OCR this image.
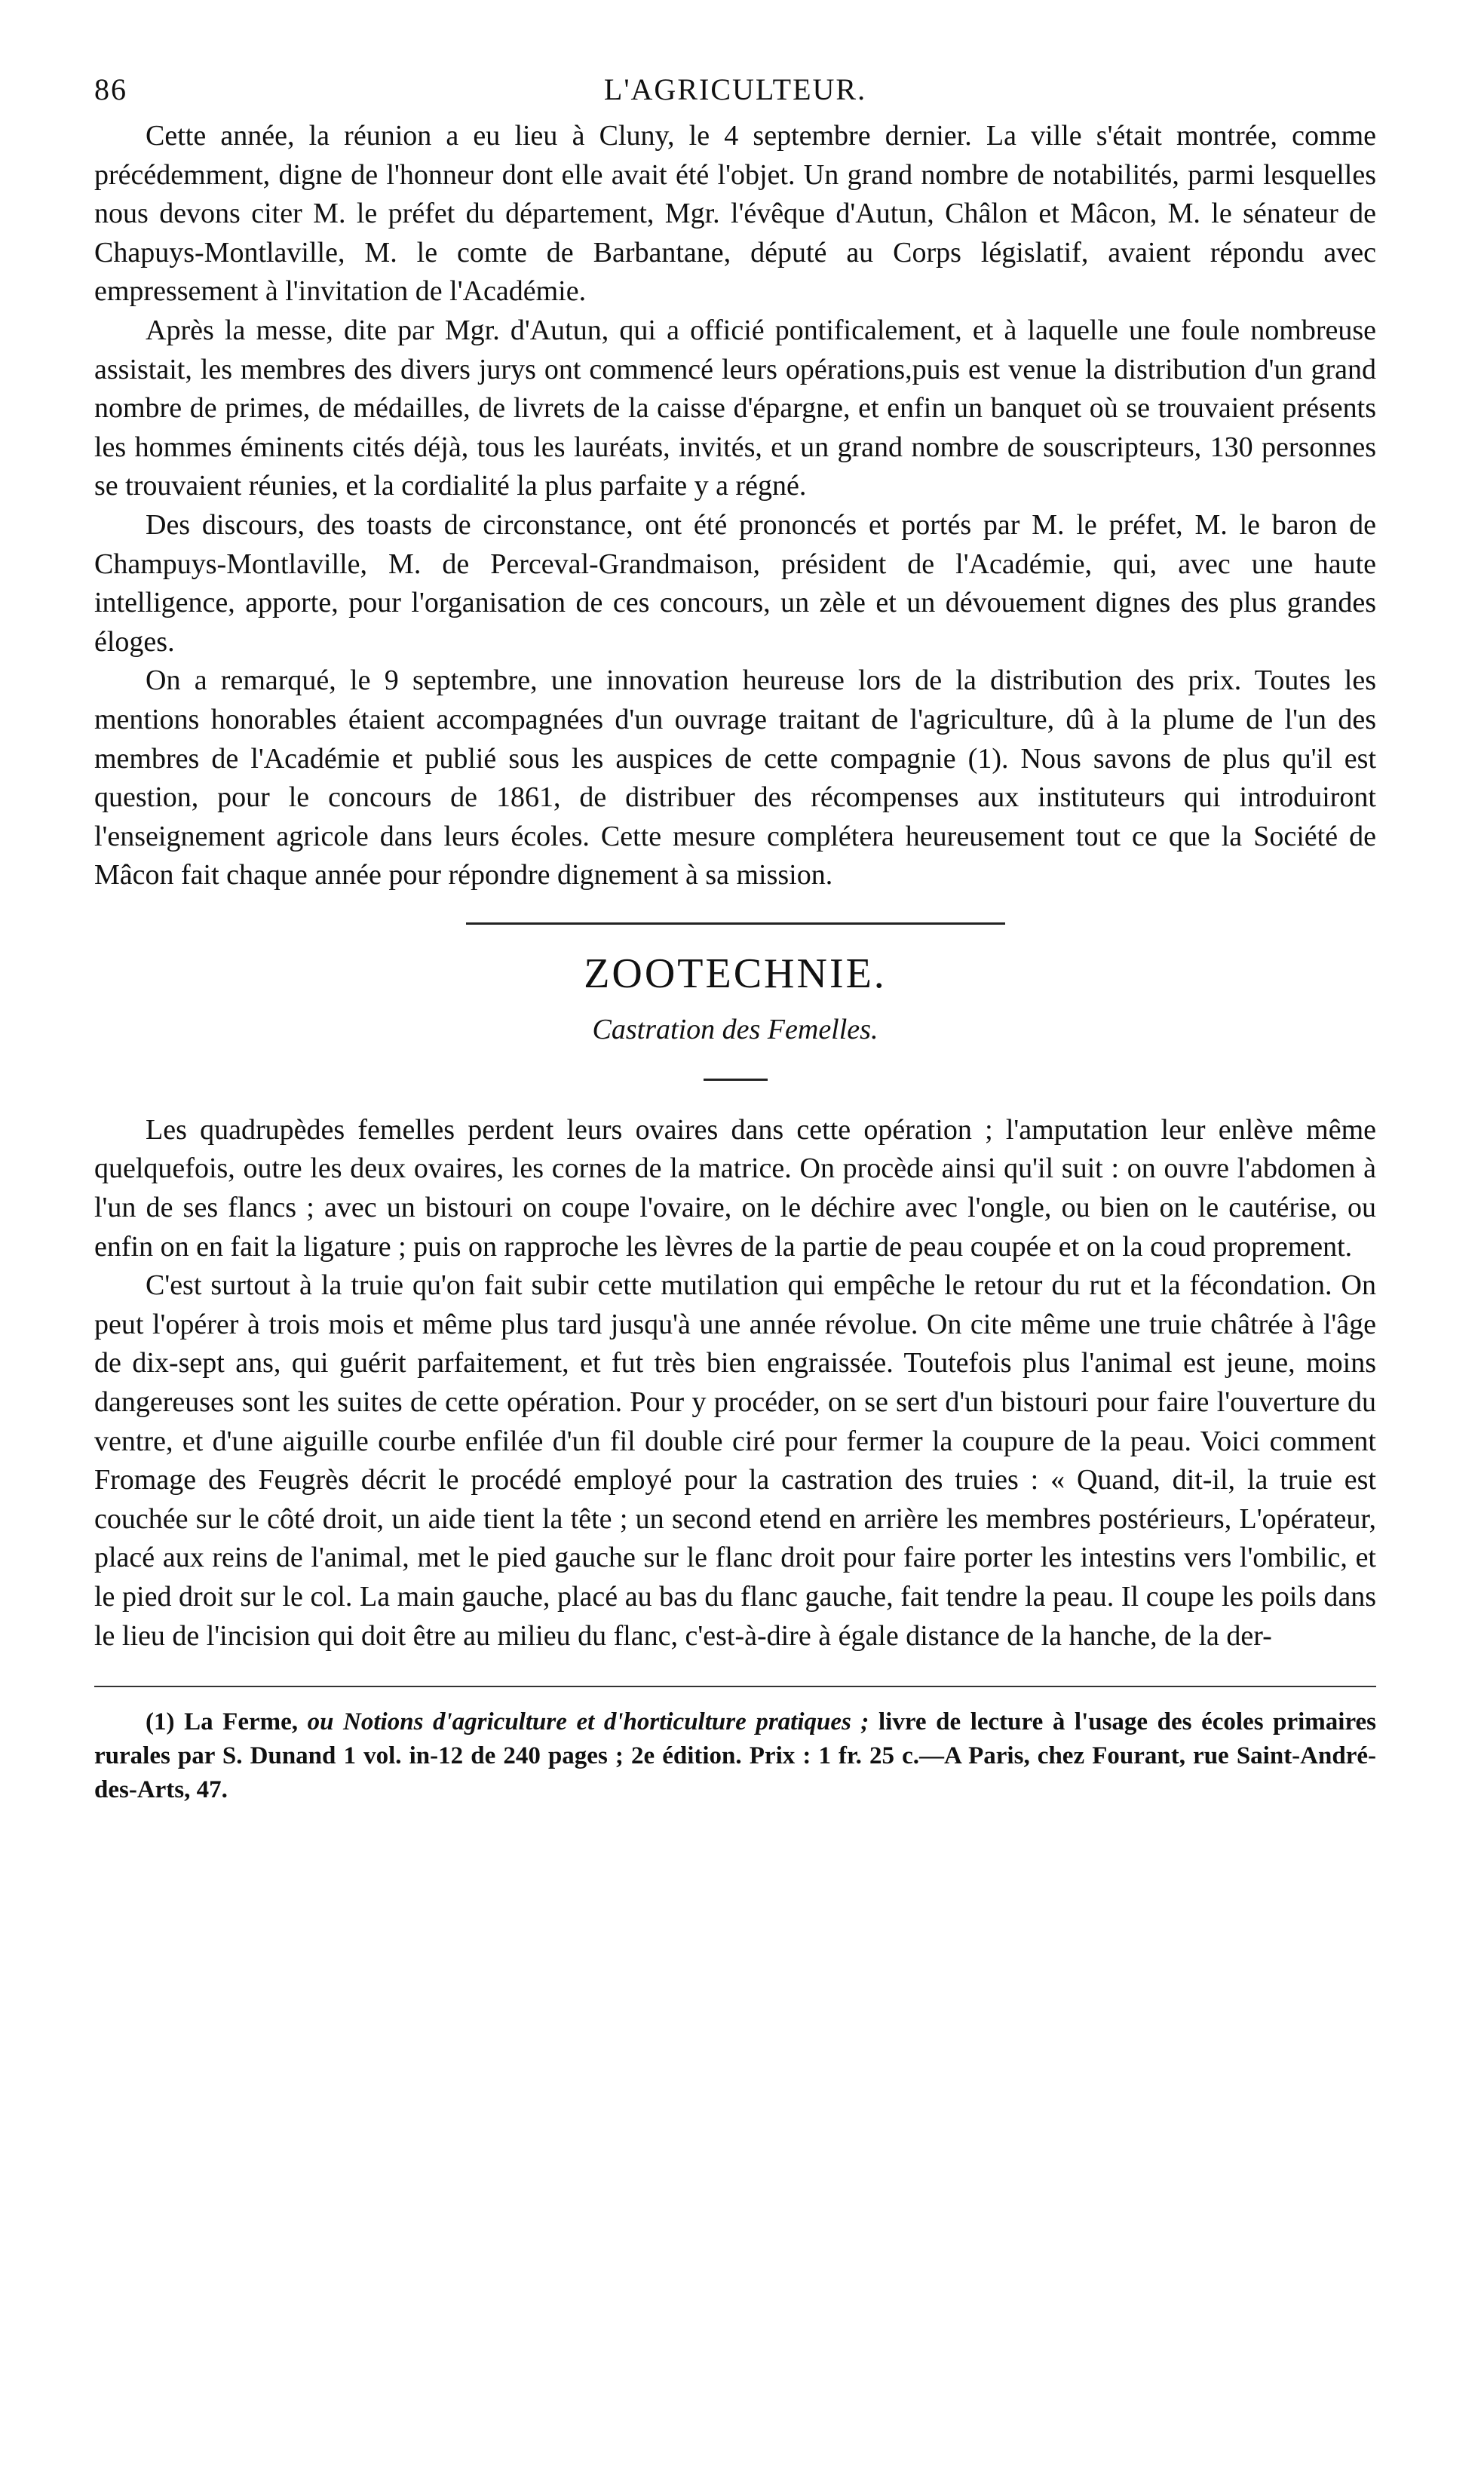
86	L'AGRICULTEUR.

Cette année, la réunion a eu lieu à Cluny, le 4 septembre dernier. La ville s'était montrée, comme précédemment, digne de l'honneur dont elle avait été l'objet. Un grand nombre de notabilités, parmi lesquelles nous devons citer M. le préfet du département, Mgr. l'évêque d'Autun, Châlon et Mâcon, M. le sénateur de Chapuys-Montlaville, M. le comte de Barbantane, député au Corps législatif, avaient répondu avec empressement à l'invitation de l'Académie.

Après la messe, dite par Mgr. d'Autun, qui a officié pontificalement, et à laquelle une foule nombreuse assistait, les membres des divers jurys ont commencé leurs opérations,puis est venue la distribution d'un grand nombre de primes, de médailles, de livrets de la caisse d'épargne, et enfin un banquet où se trouvaient présents les hommes éminents cités déjà, tous les lauréats, invités, et un grand nombre de souscripteurs, 130 personnes se trouvaient réunies, et la cordialité la plus parfaite y a régné.

Des discours, des toasts de circonstance, ont été prononcés et portés par M. le préfet, M. le baron de Champuys-Montlaville, M. de Perceval-Grandmaison, président de l'Académie, qui, avec une haute intelligence, apporte, pour l'organisation de ces concours, un zèle et un dévouement dignes des plus grandes éloges.

On a remarqué, le 9 septembre, une innovation heureuse lors de la distribution des prix. Toutes les mentions honorables étaient accompagnées d'un ouvrage traitant de l'agriculture, dû à la plume de l'un des membres de l'Académie et publié sous les auspices de cette compagnie (1). Nous savons de plus qu'il est question, pour le concours de 1861, de distribuer des récompenses aux instituteurs qui introduiront l'enseignement agricole dans leurs écoles. Cette mesure complétera heureusement tout ce que la Société de Mâcon fait chaque année pour répondre dignement à sa mission.

ZOOTECHNIE.
Castration des Femelles.

Les quadrupèdes femelles perdent leurs ovaires dans cette opération ; l'amputation leur enlève même quelquefois, outre les deux ovaires, les cornes de la matrice. On procède ainsi qu'il suit : on ouvre l'abdomen à l'un de ses flancs ; avec un bistouri on coupe l'ovaire, on le déchire avec l'ongle, ou bien on le cautérise, ou enfin on en fait la ligature ; puis on rapproche les lèvres de la partie de peau coupée et on la coud proprement.

C'est surtout à la truie qu'on fait subir cette mutilation qui empêche le retour du rut et la fécondation. On peut l'opérer à trois mois et même plus tard jusqu'à une année révolue. On cite même une truie châtrée à l'âge de dix-sept ans, qui guérit parfaitement, et fut très bien engraissée. Toutefois plus l'animal est jeune, moins dangereuses sont les suites de cette opération. Pour y procéder, on se sert d'un bistouri pour faire l'ouverture du ventre, et d'une aiguille courbe enfilée d'un fil double ciré pour fermer la coupure de la peau. Voici comment Fromage des Feugrès décrit le procédé employé pour la castration des truies : « Quand, dit-il, la truie est couchée sur le côté droit, un aide tient la tête ; un second etend en arrière les membres postérieurs, L'opérateur, placé aux reins de l'animal, met le pied gauche sur le flanc droit pour faire porter les intestins vers l'ombilic, et le pied droit sur le col. La main gauche, placé au bas du flanc gauche, fait tendre la peau. Il coupe les poils dans le lieu de l'incision qui doit être au milieu du flanc, c'est-à-dire à égale distance de la hanche, de la der-

(1) La Ferme, ou Notions d'agriculture et d'horticulture pratiques ; livre de lecture à l'usage des écoles primaires rurales par S. Dunand 1 vol. in-12 de 240 pages ; 2e édition. Prix : 1 fr. 25 c.—A Paris, chez Fourant, rue Saint-André-des-Arts, 47.
